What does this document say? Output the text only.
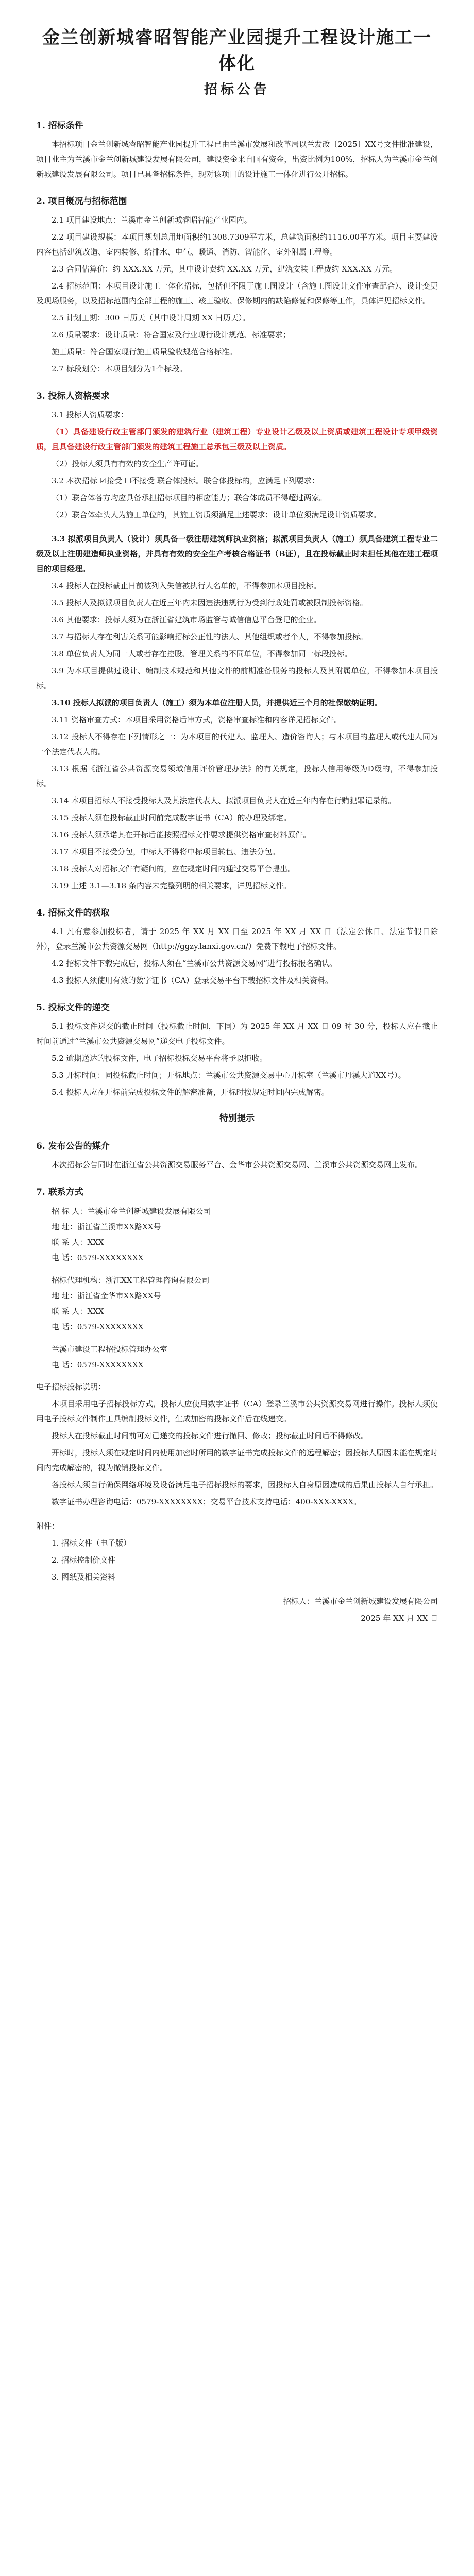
金兰创新城睿昭智能产业园提升工程设计施工一体化
招标公告
1. 招标条件

本招标项目金兰创新城睿昭智能产业园提升工程已由兰溪市发展和改革局以兰发改〔2025〕XX号文件批准建设，项目业主为兰溪市金兰创新城建设发展有限公司，建设资金来自国有资金，出资比例为100%，招标人为兰溪市金兰创新城建设发展有限公司。项目已具备招标条件，现对该项目的设计施工一体化进行公开招标。

2. 项目概况与招标范围

2.1 项目建设地点：兰溪市金兰创新城睿昭智能产业园内。

2.2 项目建设规模：本项目规划总用地面积约1308.7309平方米，总建筑面积约1116.00平方米。项目主要建设内容包括建筑改造、室内装修、给排水、电气、暖通、消防、智能化、室外附属工程等。

2.3 合同估算价：约 XXX.XX 万元，其中设计费约 XX.XX 万元，建筑安装工程费约 XXX.XX 万元。

2.4 招标范围：本项目设计施工一体化招标，包括但不限于施工图设计（含施工图设计文件审查配合）、设计变更及现场服务，以及招标范围内全部工程的施工、竣工验收、保修期内的缺陷修复和保修等工作，具体详见招标文件。

2.5 计划工期：300 日历天（其中设计周期 XX 日历天）。

2.6 质量要求：设计质量：符合国家及行业现行设计规范、标准要求；

施工质量：符合国家现行施工质量验收规范合格标准。

2.7 标段划分：本项目划分为1个标段。

3. 投标人资格要求

3.1 投标人资质要求：

（1）具备建设行政主管部门颁发的建筑行业（建筑工程）专业设计乙级及以上资质或建筑工程设计专项甲级资质，且具备建设行政主管部门颁发的建筑工程施工总承包三级及以上资质。

（2）投标人须具有有效的安全生产许可证。

3.2 本次招标 ☑接受 ☐不接受 联合体投标。联合体投标的，应满足下列要求：

（1）联合体各方均应具备承担招标项目的相应能力；联合体成员不得超过两家。

（2）联合体牵头人为施工单位的，其施工资质须满足上述要求；设计单位须满足设计资质要求。

3.3 拟派项目负责人（设计）须具备一级注册建筑师执业资格；拟派项目负责人（施工）须具备建筑工程专业二级及以上注册建造师执业资格，并具有有效的安全生产考核合格证书（B证），且在投标截止时未担任其他在建工程项目的项目经理。

3.4 投标人在投标截止日前被列入失信被执行人名单的，不得参加本项目投标。

3.5 投标人及拟派项目负责人在近三年内未因违法违规行为受到行政处罚或被限制投标资格。

3.6 其他要求：投标人须为在浙江省建筑市场监管与诚信信息平台登记的企业。

3.7 与招标人存在利害关系可能影响招标公正性的法人、其他组织或者个人，不得参加投标。

3.8 单位负责人为同一人或者存在控股、管理关系的不同单位，不得参加同一标段投标。

3.9 为本项目提供过设计、编制技术规范和其他文件的前期准备服务的投标人及其附属单位，不得参加本项目投标。

3.10 投标人拟派的项目负责人（施工）须为本单位注册人员，并提供近三个月的社保缴纳证明。

3.11 资格审查方式：本项目采用资格后审方式，资格审查标准和内容详见招标文件。

3.12 投标人不得存在下列情形之一：为本项目的代建人、监理人、造价咨询人；与本项目的监理人或代建人同为一个法定代表人的。

3.13 根据《浙江省公共资源交易领域信用评价管理办法》的有关规定，投标人信用等级为D级的，不得参加投标。

3.14 本项目招标人不接受投标人及其法定代表人、拟派项目负责人在近三年内存在行贿犯罪记录的。

3.15 投标人须在投标截止时间前完成数字证书（CA）的办理及绑定。

3.16 投标人须承诺其在开标后能按照招标文件要求提供资格审查材料原件。

3.17 本项目不接受分包，中标人不得将中标项目转包、违法分包。

3.18 投标人对招标文件有疑问的，应在规定时间内通过交易平台提出。

3.19 上述 3.1—3.18 条内容未完整列明的相关要求，详见招标文件。

4. 招标文件的获取

4.1 凡有意参加投标者，请于 2025 年 XX 月 XX 日至 2025 年 XX 月 XX 日（法定公休日、法定节假日除外），登录兰溪市公共资源交易网（http://ggzy.lanxi.gov.cn/）免费下载电子招标文件。

4.2 招标文件下载完成后，投标人须在“兰溪市公共资源交易网”进行投标报名确认。

4.3 投标人须使用有效的数字证书（CA）登录交易平台下载招标文件及相关资料。

5. 投标文件的递交

5.1 投标文件递交的截止时间（投标截止时间，下同）为 2025 年 XX 月 XX 日 09 时 30 分，投标人应在截止时间前通过“兰溪市公共资源交易网”递交电子投标文件。

5.2 逾期送达的投标文件，电子招标投标交易平台将予以拒收。

5.3 开标时间：同投标截止时间；开标地点：兰溪市公共资源交易中心开标室（兰溪市丹溪大道XX号）。

5.4 投标人应在开标前完成投标文件的解密准备，开标时按规定时间内完成解密。

特别提示
6. 发布公告的媒介

本次招标公告同时在浙江省公共资源交易服务平台、金华市公共资源交易网、兰溪市公共资源交易网上发布。

7. 联系方式
招 标 人：兰溪市金兰创新城建设发展有限公司
地 址：浙江省兰溪市XX路XX号
联 系 人：XXX
电 话：0579-XXXXXXXX
招标代理机构：浙江XX工程管理咨询有限公司
地 址：浙江省金华市XX路XX号
联 系 人：XXX
电 话：0579-XXXXXXXX
兰溪市建设工程招投标管理办公室
电 话：0579-XXXXXXXX

电子招标投标说明：

本项目采用电子招标投标方式，投标人应使用数字证书（CA）登录兰溪市公共资源交易网进行操作。投标人须使用电子投标文件制作工具编制投标文件，生成加密的投标文件后在线递交。

投标人在投标截止时间前可对已递交的投标文件进行撤回、修改；投标截止时间后不得修改。

开标时，投标人须在规定时间内使用加密时所用的数字证书完成投标文件的远程解密；因投标人原因未能在规定时间内完成解密的，视为撤销投标文件。

各投标人须自行确保网络环境及设备满足电子招标投标的要求，因投标人自身原因造成的后果由投标人自行承担。

数字证书办理咨询电话：0579-XXXXXXXX；交易平台技术支持电话：400-XXX-XXXX。

附件：

1. 招标文件（电子版）

2. 招标控制价文件

3. 图纸及相关资料

招标人：兰溪市金兰创新城建设发展有限公司

2025 年 XX 月 XX 日
